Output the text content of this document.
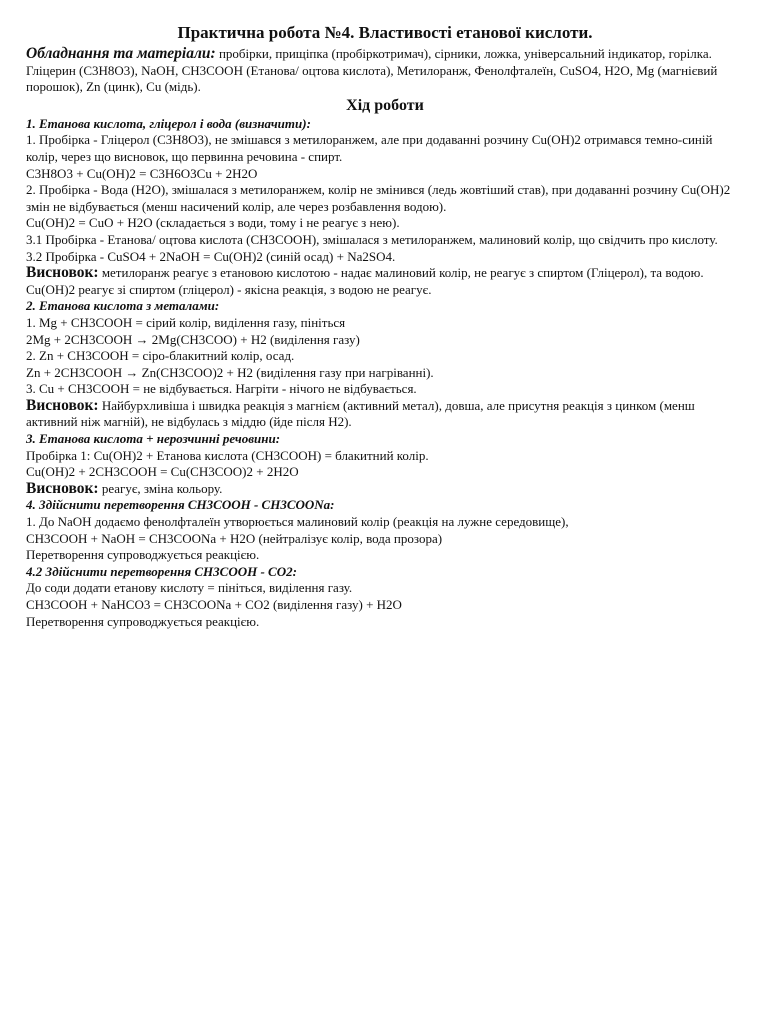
Практична робота №4. Властивості етанової кислоти.

Обладнання та матеріали: пробірки, прищіпка (пробіркотримач), сірники, ложка, універсальний індикатор, горілка. Гліцерин (C3H8O3), NaOH, CH3COOH (Етанова/ оцтова кислота), Метилоранж, Фенолфталеїн, CuSO4, H2O, Mg (магнієвий порошок), Zn (цинк), Cu (мідь).

Хід роботи

1. Етанова кислота, гліцерол і вода (визначити):

1. Пробірка - Гліцерол (C3H8O3), не змішався з метилоранжем, але при додаванні розчину Cu(OH)2 отримався темно-синій колір, через що висновок, що первинна речовина - спирт.

C3H8O3 + Cu(OH)2 = C3H6O3Cu + 2H2O

2. Пробірка - Вода (H2O), змішалася з метилоранжем, колір не змінився (ледь жовтіший став), при додаванні розчину Cu(OH)2 змін не відбувається (менш насичений колір, але через розбавлення водою).

Cu(OH)2 = CuO + H2O (складається з води, тому і не реагує з нею).

3.1 Пробірка - Етанова/ оцтова кислота (CH3COOH), змішалася з метилоранжем, малиновий колір, що свідчить про кислоту.

3.2 Пробірка - CuSO4 + 2NaOH = Cu(OH)2 (синій осад) + Na2SO4.

Висновок: метилоранж реагує з етановою кислотою - надає малиновий колір, не реагує з спиртом (Гліцерол), та водою. Cu(OH)2 реагує зі спиртом (гліцерол) - якісна реакція, з водою не реагує.

2. Етанова кислота з металами:

1. Mg + CH3COOH = сірий колір, виділення газу, пініться

2Mg + 2CH3COOH → 2Mg(CH3COO) + H2 (виділення газу)

2. Zn + CH3COOH = сіро-блакитний колір, осад.

Zn + 2CH3COOH → Zn(CH3COO)2 + H2 (виділення газу при нагріванні).

3. Cu + CH3COOH = не відбувається. Нагріти - нічого не відбувається.

Висновок: Найбурхливіша і швидка реакція з магнієм (активний метал), довша, але присутня реакція з цинком (менш активний ніж магній), не відбулась з міддю (йде після H2).

3. Етанова кислота + нерозчинні речовини:

Пробірка 1: Cu(OH)2 + Етанова кислота (CH3COOH) = блакитний колір.

Cu(OH)2 + 2CH3COOH = Cu(CH3COO)2 + 2H2O

Висновок: реагує, зміна кольору.

4. Здійснити перетворення CH3COOH - CH3COONa:

1. До NaOH додаємо фенолфталеїн утворюється малиновий колір (реакція на лужне середовище),

CH3COOH + NaOH = CH3COONa + H2O (нейтралізує колір, вода прозора)

Перетворення супроводжується реакцією.

4.2 Здійснити перетворення CH3COOH - CO2:

До соди додати етанову кислоту = пініться, виділення газу.

CH3COOH + NaHCO3 = CH3COONa + CO2 (виділення газу) + H2O

Перетворення супроводжується реакцією.
